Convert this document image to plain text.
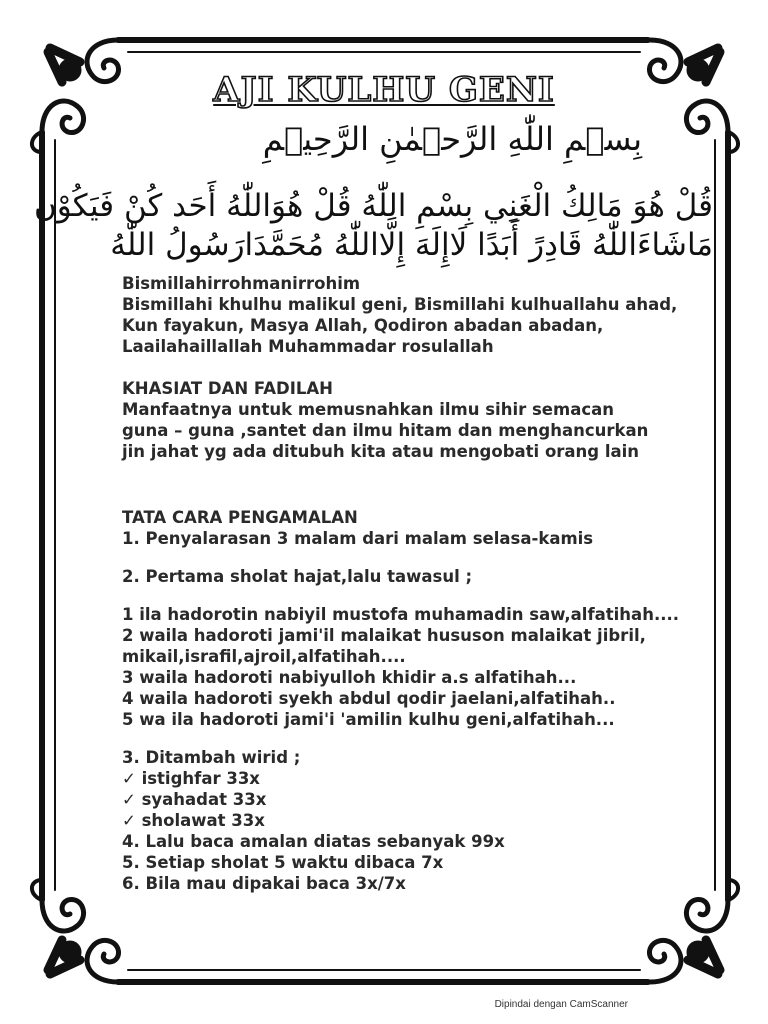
AJI KULHU GENI
بِسۡمِ اللّٰهِ الرَّحۡمٰنِ الرَّحِيۡمِ
قُلْ هُوَ مَالِكُ الْغَنِي بِسْمِ اللّٰهُ قُلْ هُوَاللّٰهُ أَحَد كُنْ فَيَكُوْن
مَاشَاءَاللّٰهُ قَادِرً أَبَدًا لَاإِلَهَ إِلَّااللّٰهُ مُحَمَّدَارَسُولُ اللّٰهُ
Bismillahirrohmanirrohim
Bismillahi khulhu malikul geni, Bismillahi kulhuallahu ahad,
Kun fayakun, Masya Allah, Qodiron abadan abadan,
Laailahaillallah Muhammadar rosulallah
KHASIAT DAN FADILAH
Manfaatnya untuk memusnahkan ilmu sihir semacan
guna – guna ,santet dan ilmu hitam dan menghancurkan
jin jahat yg ada ditubuh kita atau mengobati orang lain
TATA CARA PENGAMALAN
1. Penyalarasan 3 malam dari malam selasa-kamis
2. Pertama sholat hajat,lalu tawasul ;
1 ila hadorotin nabiyil mustofa muhamadin saw,alfatihah....
2 waila hadoroti jami'il malaikat hususon malaikat jibril,
mikail,israfil,ajroil,alfatihah....
3 waila hadoroti nabiyulloh khidir a.s alfatihah...
4 waila hadoroti syekh abdul qodir jaelani,alfatihah..
5 wa ila hadoroti jami'i 'amilin kulhu geni,alfatihah...
3. Ditambah wirid ;
✓ istighfar 33x
✓ syahadat 33x
✓ sholawat 33x
4. Lalu baca amalan diatas sebanyak 99x
5. Setiap sholat 5 waktu dibaca 7x
6. Bila mau dipakai baca 3x/7x
Dipindai dengan CamScanner
